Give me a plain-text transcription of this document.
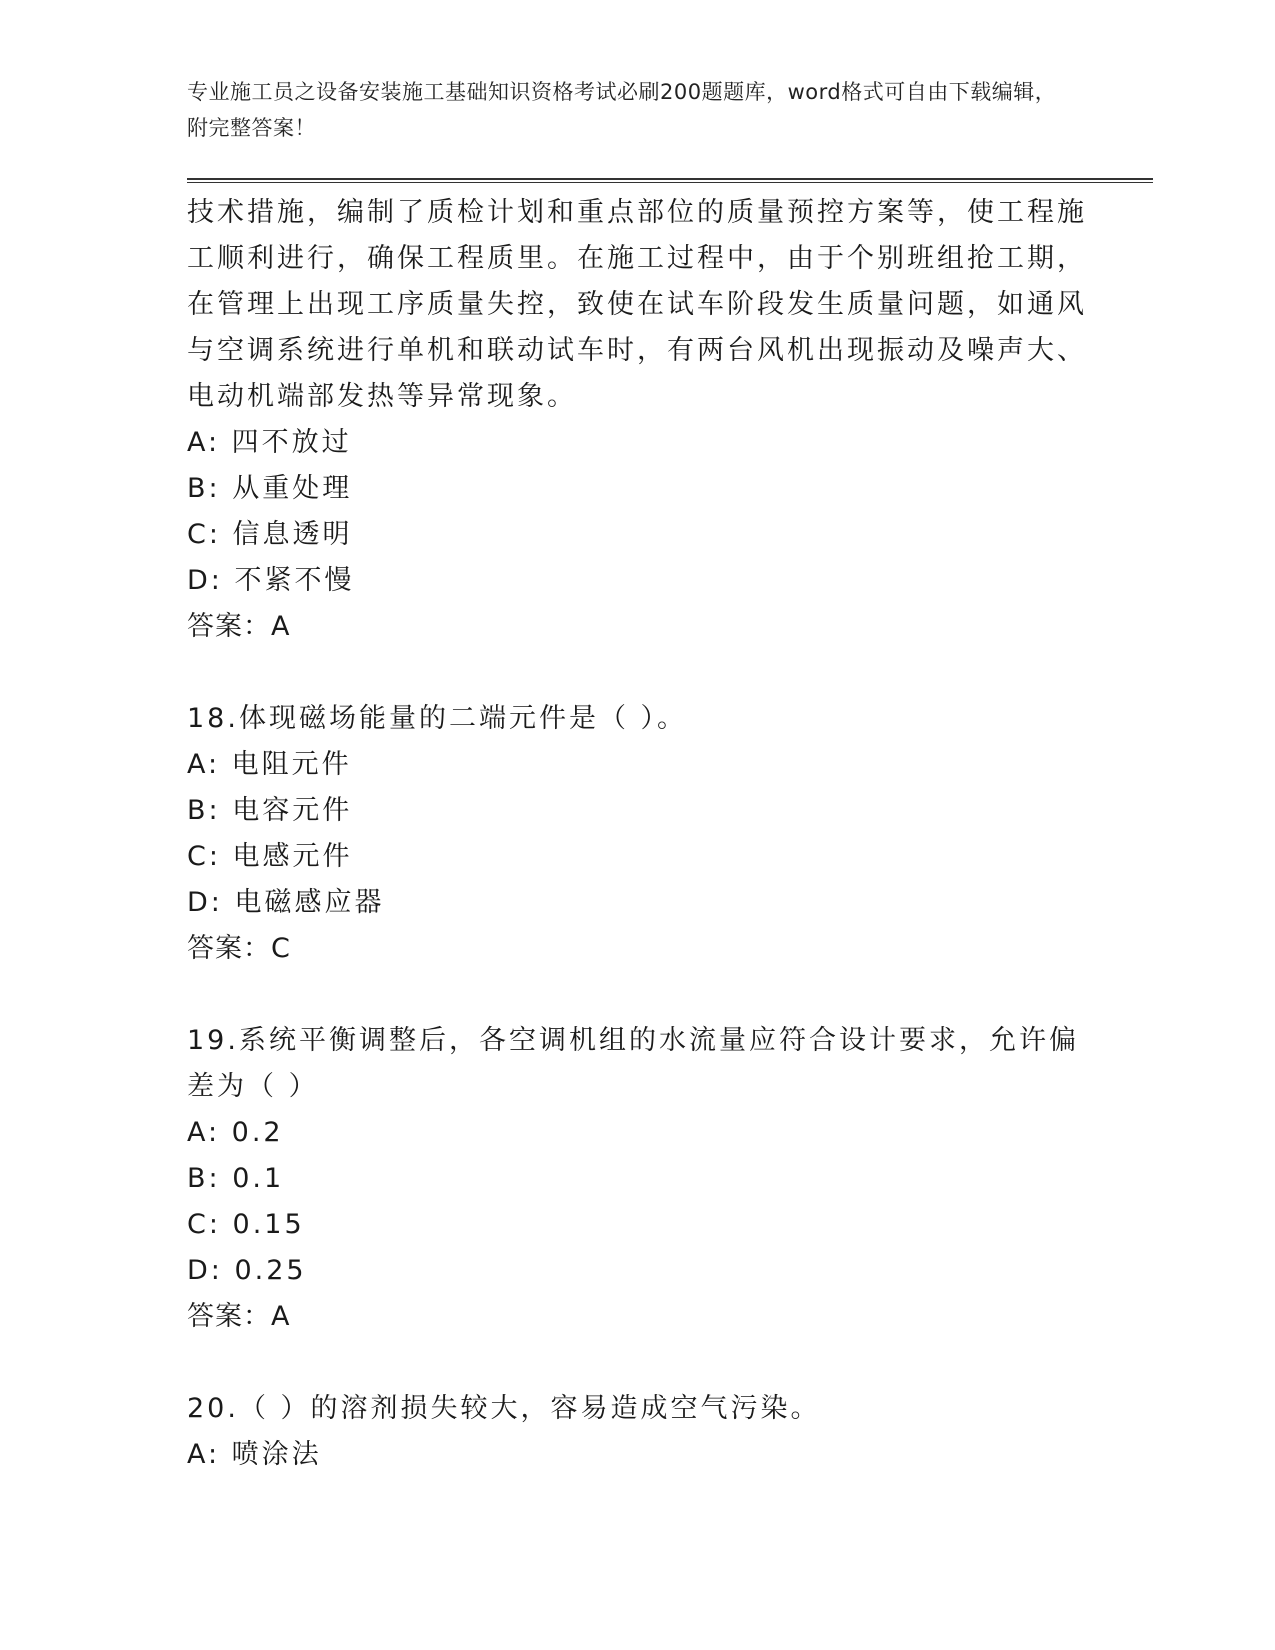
专业施工员之设备安装施工基础知识资格考试必刷200题题库，word格式可自由下载编辑，附完整答案！

技术措施，编制了质检计划和重点部位的质量预控方案等，使工程施工顺利进行，确保工程质里。在施工过程中，由于个别班组抢工期，在管理上出现工序质量失控，致使在试车阶段发生质量问题，如通风与空调系统进行单机和联动试车时，有两台风机出现振动及噪声大、电动机端部发热等异常现象。

A: 四不放过

B: 从重处理

C: 信息透明

D: 不紧不慢

答案：A

18.体现磁场能量的二端元件是（ ）。

A: 电阻元件

B: 电容元件

C: 电感元件

D: 电磁感应器

答案：C

19.系统平衡调整后，各空调机组的水流量应符合设计要求，允许偏差为（ ）

A: 0.2

B: 0.1

C: 0.15

D: 0.25

答案：A

20.（ ）的溶剂损失较大，容易造成空气污染。

A: 喷涂法
